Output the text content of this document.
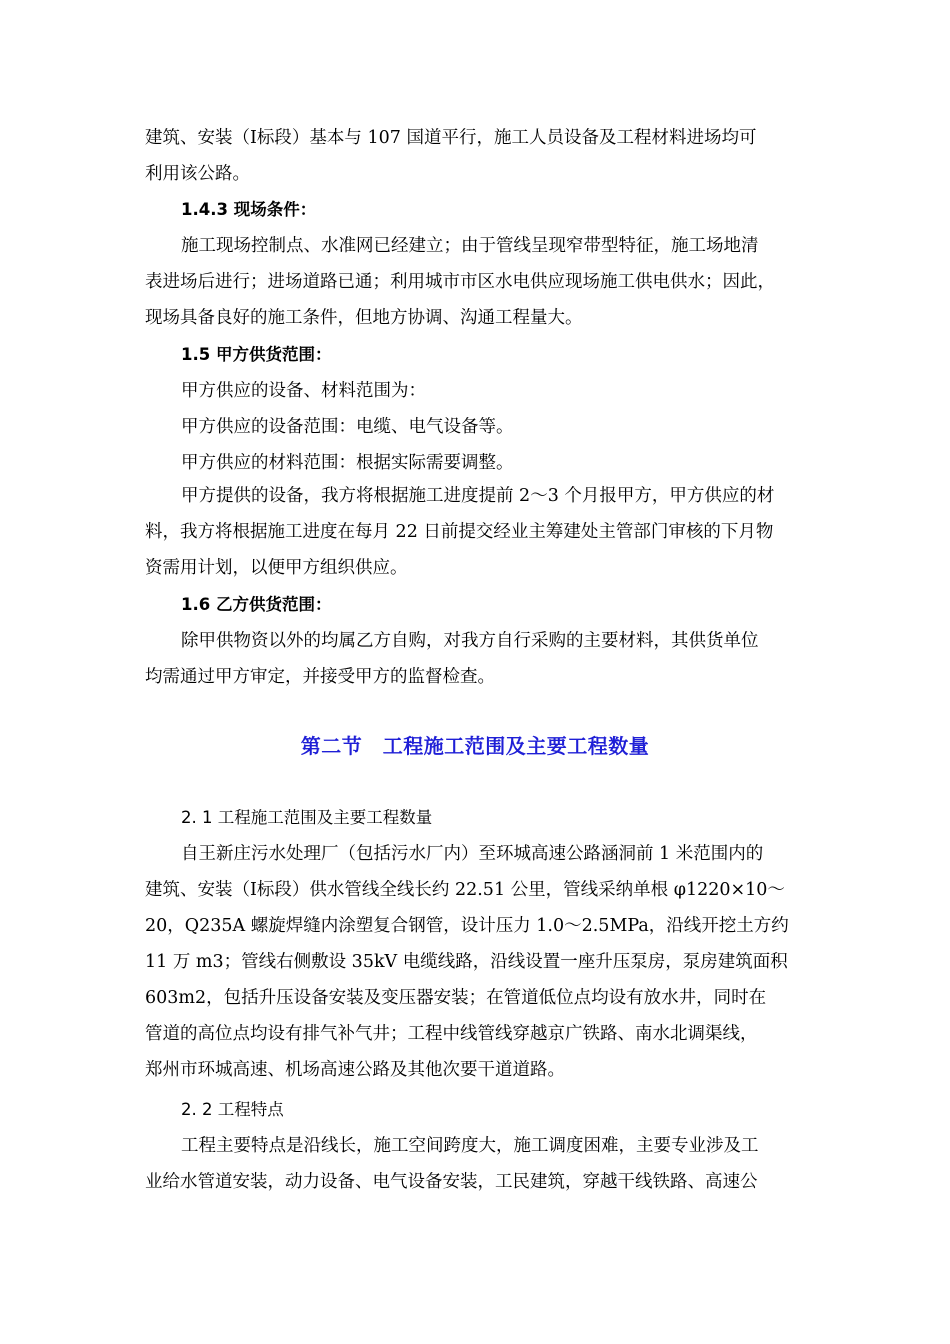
建筑、安装（Ⅰ标段）基本与 107 国道平行，施工人员设备及工程材料进场均可
利用该公路。
1.4.3 现场条件：
施工现场控制点、水准网已经建立；由于管线呈现窄带型特征，施工场地清
表进场后进行；进场道路已通；利用城市市区水电供应现场施工供电供水；因此，
现场具备良好的施工条件，但地方协调、沟通工程量大。
1.5 甲方供货范围：
甲方供应的设备、材料范围为：
甲方供应的设备范围：电缆、电气设备等。
甲方供应的材料范围：根据实际需要调整。
甲方提供的设备，我方将根据施工进度提前 2～3 个月报甲方，甲方供应的材
料，我方将根据施工进度在每月 22 日前提交经业主筹建处主管部门审核的下月物
资需用计划，以便甲方组织供应。
1.6 乙方供货范围：
除甲供物资以外的均属乙方自购，对我方自行采购的主要材料，其供货单位
均需通过甲方审定，并接受甲方的监督检查。
第二节　工程施工范围及主要工程数量
2. 1 工程施工范围及主要工程数量
自王新庄污水处理厂（包括污水厂内）至环城高速公路涵洞前 1 米范围内的
建筑、安装（Ⅰ标段）供水管线全线长约 22.51 公里，管线采纳单根 φ1220×10～
20，Q235A 螺旋焊缝内涂塑复合钢管，设计压力 1.0～2.5MPa，沿线开挖土方约
11 万 m3；管线右侧敷设 35kV 电缆线路，沿线设置一座升压泵房，泵房建筑面积
603m2，包括升压设备安装及变压器安装；在管道低位点均设有放水井，同时在
管道的高位点均设有排气补气井；工程中线管线穿越京广铁路、南水北调渠线，
郑州市环城高速、机场高速公路及其他次要干道道路。
2. 2 工程特点
工程主要特点是沿线长，施工空间跨度大，施工调度困难，主要专业涉及工
业给水管道安装，动力设备、电气设备安装，工民建筑，穿越干线铁路、高速公
